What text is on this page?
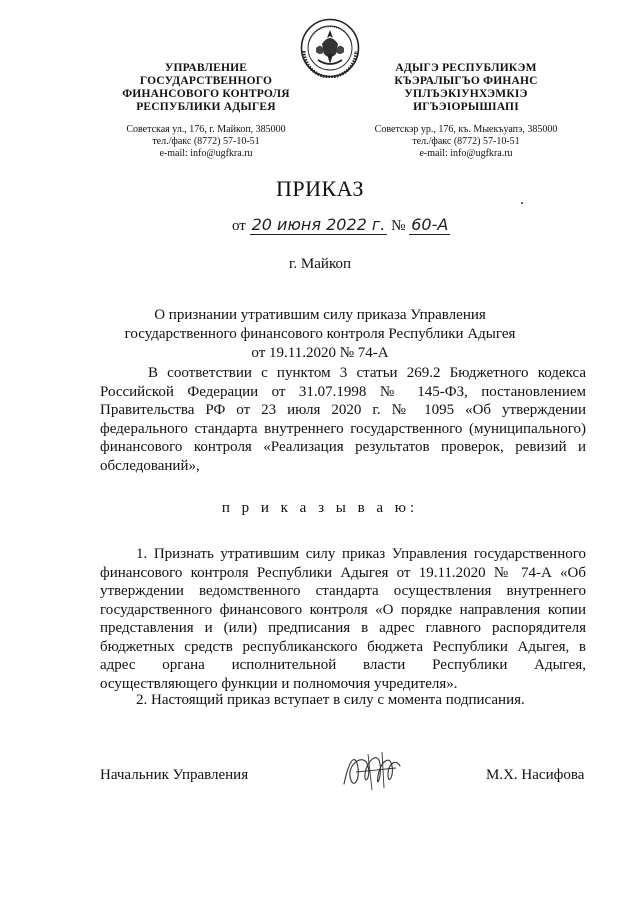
УПРАВЛЕНИЕ
ГОСУДАРСТВЕННОГО
ФИНАНСОВОГО КОНТРОЛЯ
РЕСПУБЛИКИ АДЫГЕЯ
Советская ул., 176, г. Майкоп, 385000
тел./факс (8772) 57-10-51
e-mail: info@ugfkra.ru
АДЫГЭ РЕСПУБЛИКЭМ
КЪЭРАЛЫГЪО ФИНАНС
УПЛЪЭКIУНХЭМКIЭ
ИГЪЭIОРЫШIАПI
Советскэр ур., 176, къ. Мыекъуапэ, 385000
тел./факс (8772) 57-10-51
e-mail: info@ugfkra.ru
ПРИКАЗ
от 20 июня 2022 г. № 60-А
г. Майкоп
О признании утратившим силу приказа Управления государственного финансового контроля Республики Адыгея от 19.11.2020 № 74-А
В соответствии с пунктом 3 статьи 269.2 Бюджетного кодекса Российской Федерации от 31.07.1998 № 145-ФЗ, постановлением Правительства РФ от 23 июля 2020 г. № 1095 «Об утверждении федерального стандарта внутреннего государственного (муниципального) финансового контроля «Реализация результатов проверок, ревизий и обследований»,
п р и к а з ы в а ю:
1. Признать утратившим силу приказ Управления государственного финансового контроля Республики Адыгея от 19.11.2020 № 74-А «Об утверждении ведомственного стандарта осуществления внутреннего государственного финансового контроля «О порядке направления копии представления и (или) предписания в адрес главного распорядителя бюджетных средств республиканского бюджета Республики Адыгея, в адрес органа исполнительной власти Республики Адыгея, осуществляющего функции и полномочия учредителя».
2. Настоящий приказ вступает в силу с момента подписания.
Начальник Управления	М.Х. Насифова
